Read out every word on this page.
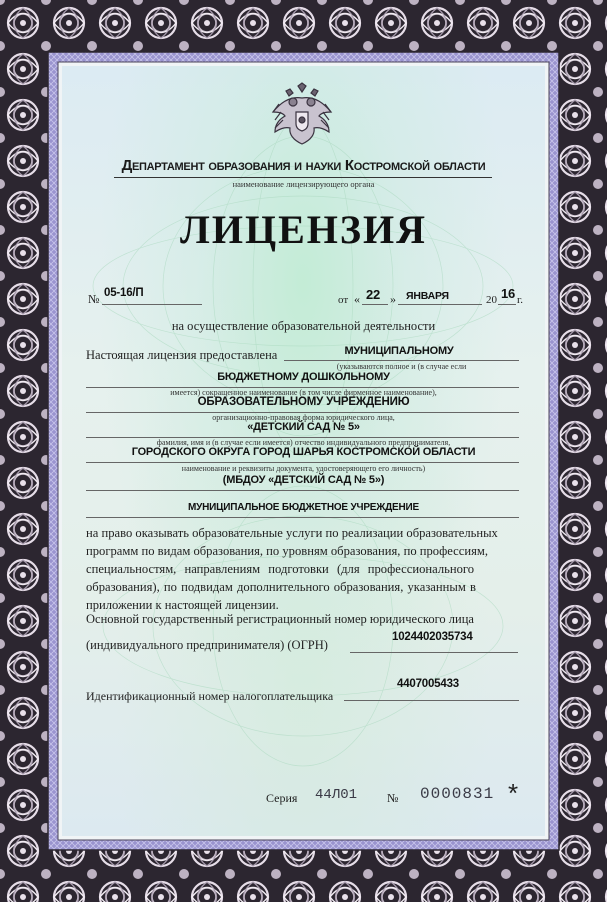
Департамент образования и науки Костромской области
наименование лицензирующего органа
ЛИЦЕНЗИЯ
№ 05-16/П
от « 22 » ЯНВАРЯ	20 16 г.
на осуществление образовательной деятельности
Настоящая лицензия предоставлена	МУНИЦИПАЛЬНОМУ
(указываются полное и (в случае если
БЮДЖЕТНОМУ ДОШКОЛЬНОМУ
имеется) сокращенное наименование (в том числе фирменное наименование),
ОБРАЗОВАТЕЛЬНОМУ УЧРЕЖДЕНИЮ
организационно-правовая форма юридического лица,
«ДЕТСКИЙ САД № 5»
фамилия, имя и (в случае если имеется) отчество индивидуального предпринимателя,
ГОРОДСКОГО ОКРУГА ГОРОД ШАРЬЯ КОСТРОМСКОЙ ОБЛАСТИ
наименование и реквизиты документа, удостоверяющего его личность)
(МБДОУ «ДЕТСКИЙ САД № 5»)
МУНИЦИПАЛЬНОЕ БЮДЖЕТНОЕ УЧРЕЖДЕНИЕ
на право оказывать образовательные услуги по реализации образовательных
программ по видам образования, по уровням образования, по профессиям,
специальностям, направлениям подготовки (для профессионального
образования), по подвидам дополнительного образования, указанным в
приложении к настоящей лицензии.
Основной государственный регистрационный номер юридического лица
(индивидуального предпринимателя) (ОГРН)
1024402035734
4407005433
Идентификационный номер налогоплательщика
Серия 44Л01 № 0000831 *
